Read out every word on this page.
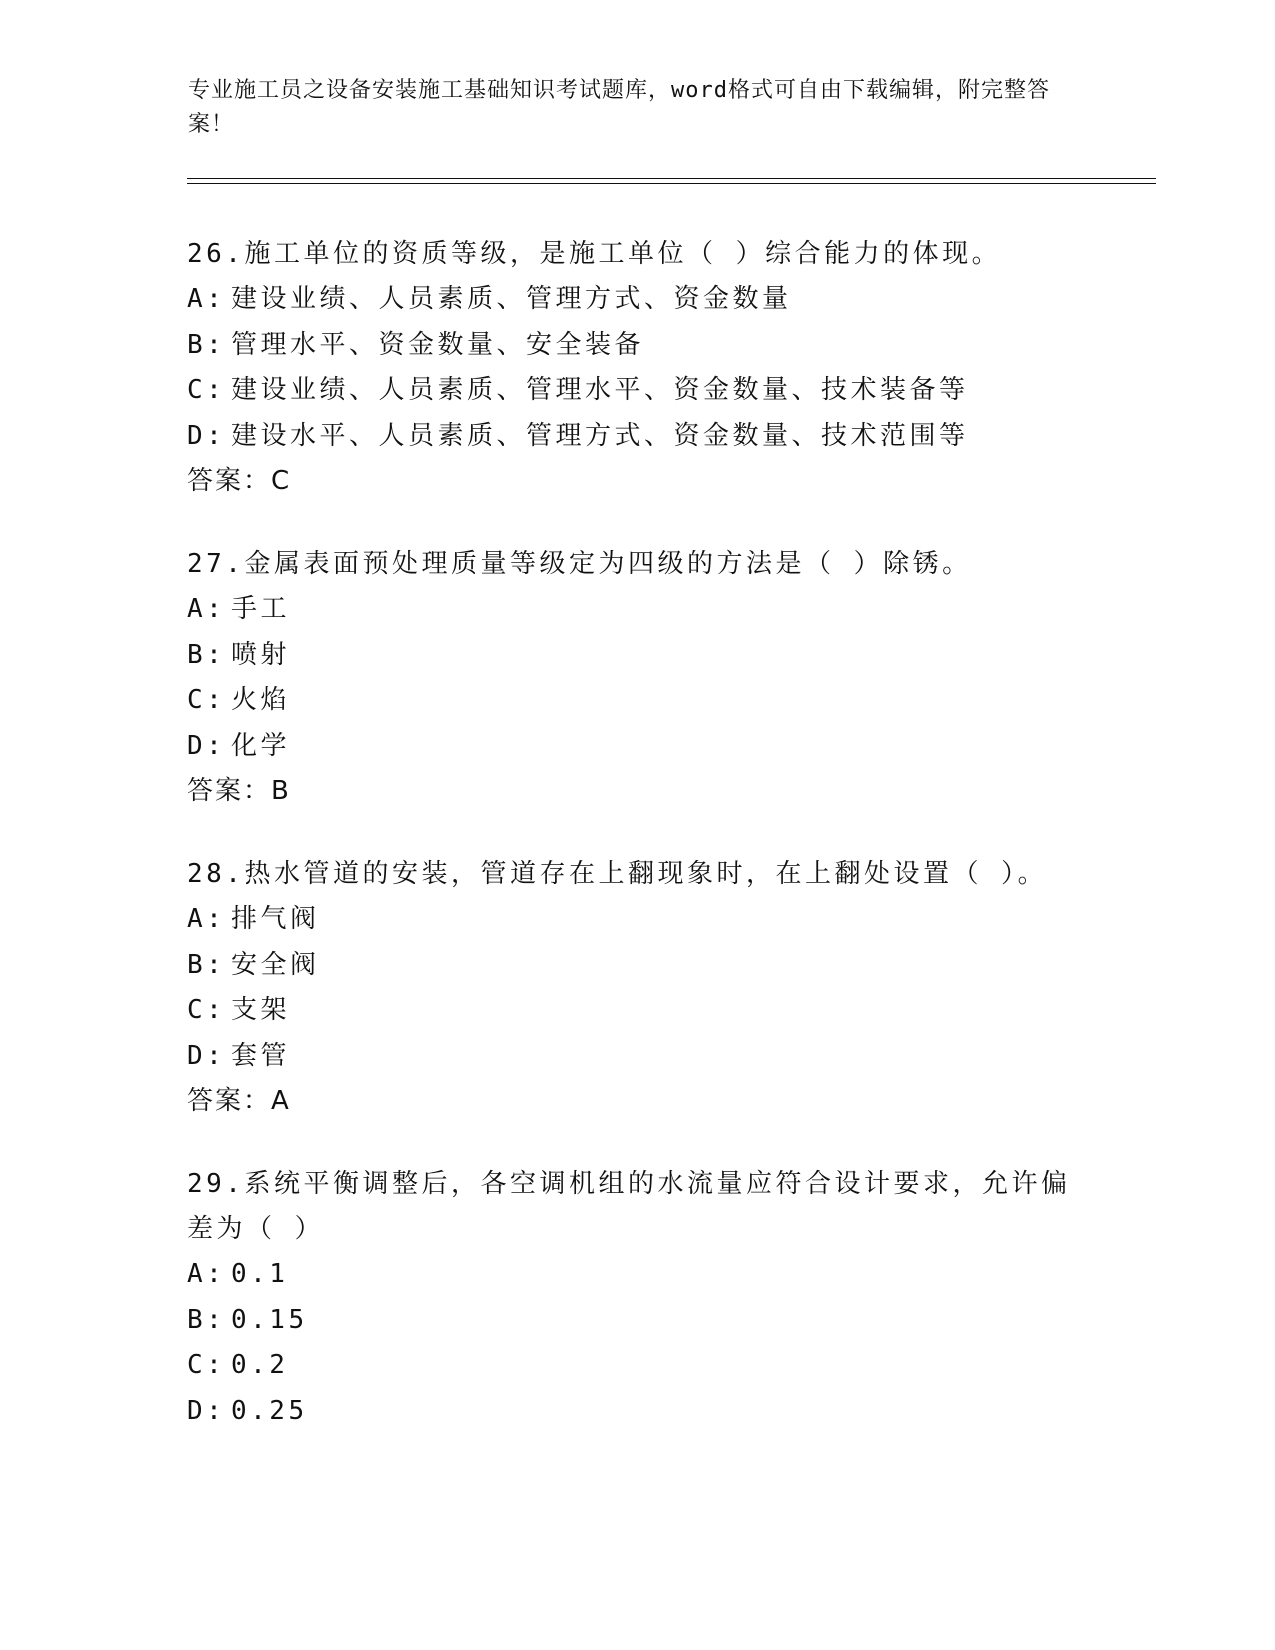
专业施工员之设备安装施工基础知识考试题库，word格式可自由下载编辑，附完整答案！

26.施工单位的资质等级，是施工单位（ ）综合能力的体现。

A: 建设业绩、人员素质、管理方式、资金数量
B: 管理水平、资金数量、安全装备
C: 建设业绩、人员素质、管理水平、资金数量、技术装备等
D: 建设水平、人员素质、管理方式、资金数量、技术范围等
答案：C

27.金属表面预处理质量等级定为四级的方法是（ ）除锈。

A: 手工
B: 喷射
C: 火焰
D: 化学
答案：B

28.热水管道的安装，管道存在上翻现象时，在上翻处设置（ ）。

A: 排气阀
B: 安全阀
C: 支架
D: 套管
答案：A

29.系统平衡调整后，各空调机组的水流量应符合设计要求，允许偏差为（ ）

A: 0.1
B: 0.15
C: 0.2
D: 0.25
